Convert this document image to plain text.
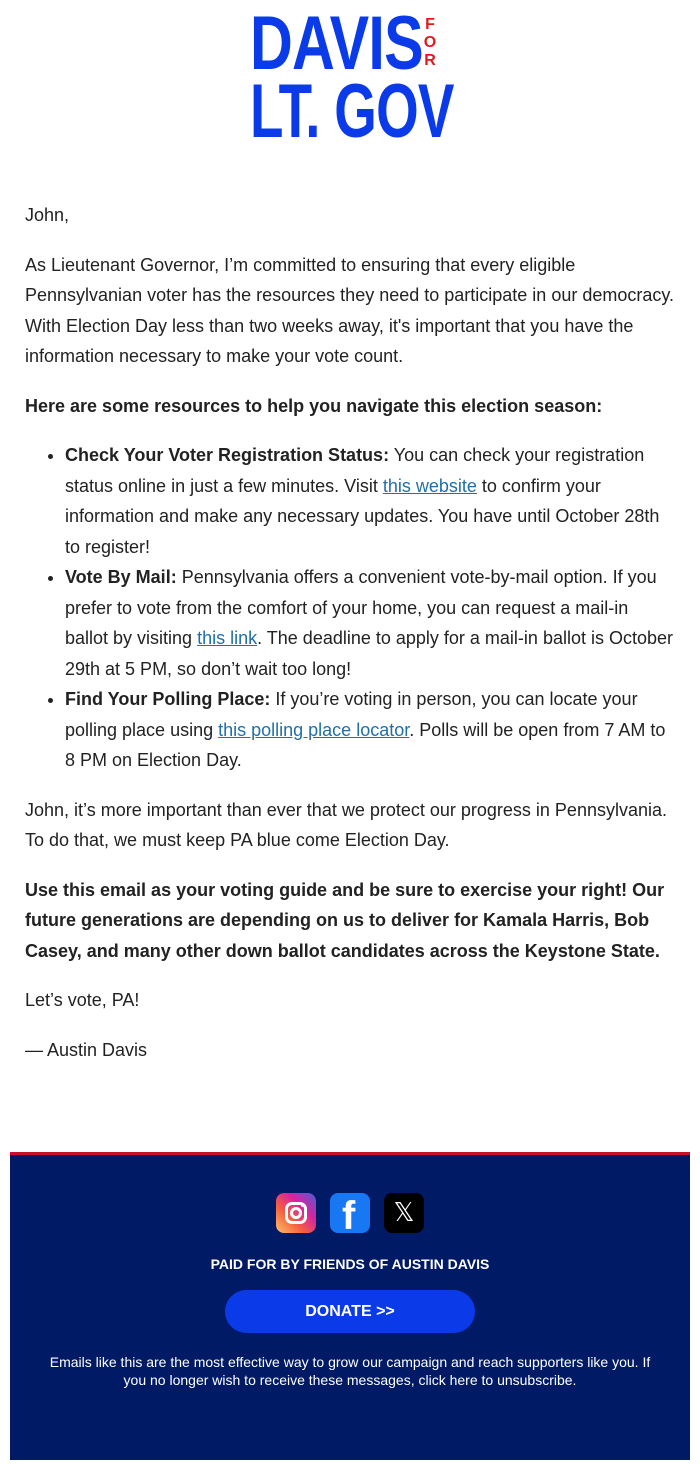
DAVIS F
O
R
LT. GOV

John,

As Lieutenant Governor, I’m committed to ensuring that every eligible Pennsylvanian voter has the resources they need to participate in our democracy. With Election Day less than two weeks away, it's important that you have the information necessary to make your vote count.

Here are some resources to help you navigate this election season:

• Check Your Voter Registration Status: You can check your registration status online in just a few minutes. Visit this website to confirm your information and make any necessary updates. You have until October 28th to register!
• Vote By Mail: Pennsylvania offers a convenient vote-by-mail option. If you prefer to vote from the comfort of your home, you can request a mail-in ballot by visiting this link. The deadline to apply for a mail-in ballot is October 29th at 5 PM, so don’t wait too long!
• Find Your Polling Place: If you’re voting in person, you can locate your polling place using this polling place locator. Polls will be open from 7 AM to 8 PM on Election Day.

John, it’s more important than ever that we protect our progress in Pennsylvania. To do that, we must keep PA blue come Election Day.

Use this email as your voting guide and be sure to exercise your right! Our future generations are depending on us to deliver for Kamala Harris, Bob Casey, and many other down ballot candidates across the Keystone State.

Let’s vote, PA!

— Austin Davis

f
	𝕏
PAID FOR BY FRIENDS OF AUSTIN DAVIS
DONATE >>
Emails like this are the most effective way to grow our campaign and reach supporters like you. If you no longer wish to receive these messages, click here to unsubscribe.
